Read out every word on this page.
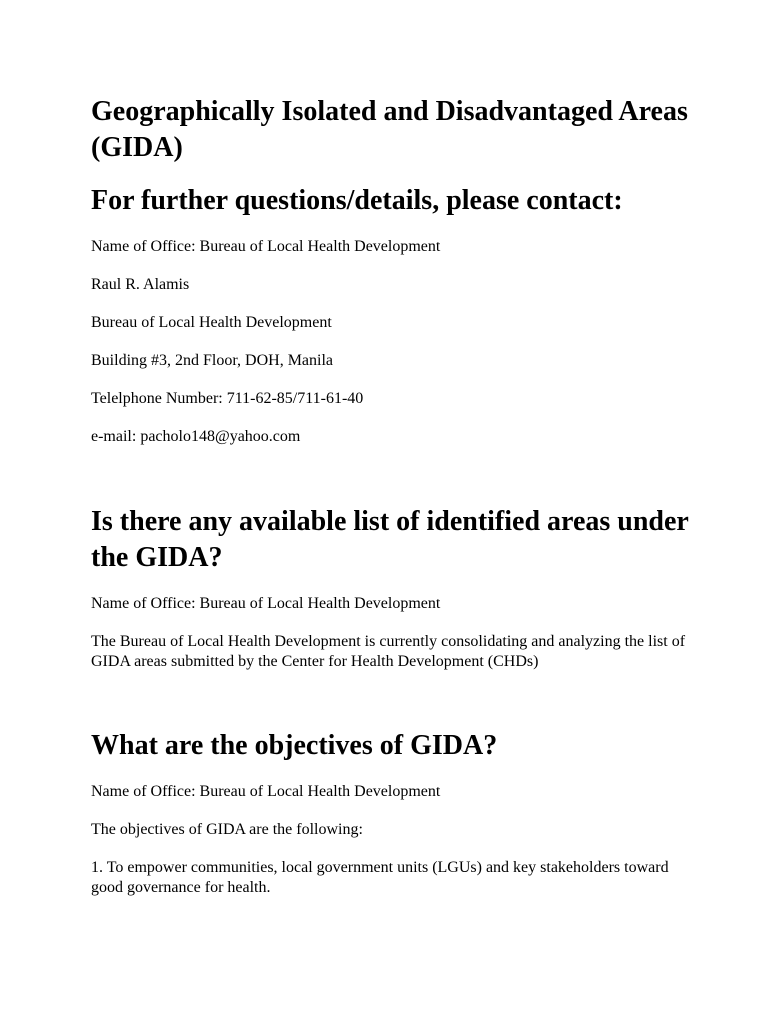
Geographically Isolated and Disadvantaged Areas (GIDA)
For further questions/details, please contact:

Name of Office: Bureau of Local Health Development

Raul R. Alamis

Bureau of Local Health Development

Building #3, 2nd Floor, DOH, Manila

Telelphone Number: 711-62-85/711-61-40

e-mail: pacholo148@yahoo.com

Is there any available list of identified areas under the GIDA?

Name of Office: Bureau of Local Health Development

The Bureau of Local Health Development is currently consolidating and analyzing the list of GIDA areas submitted by the Center for Health Development (CHDs)

What are the objectives of GIDA?

Name of Office: Bureau of Local Health Development

The objectives of GIDA are the following:

1. To empower communities, local government units (LGUs) and key stakeholders toward good governance for health.
